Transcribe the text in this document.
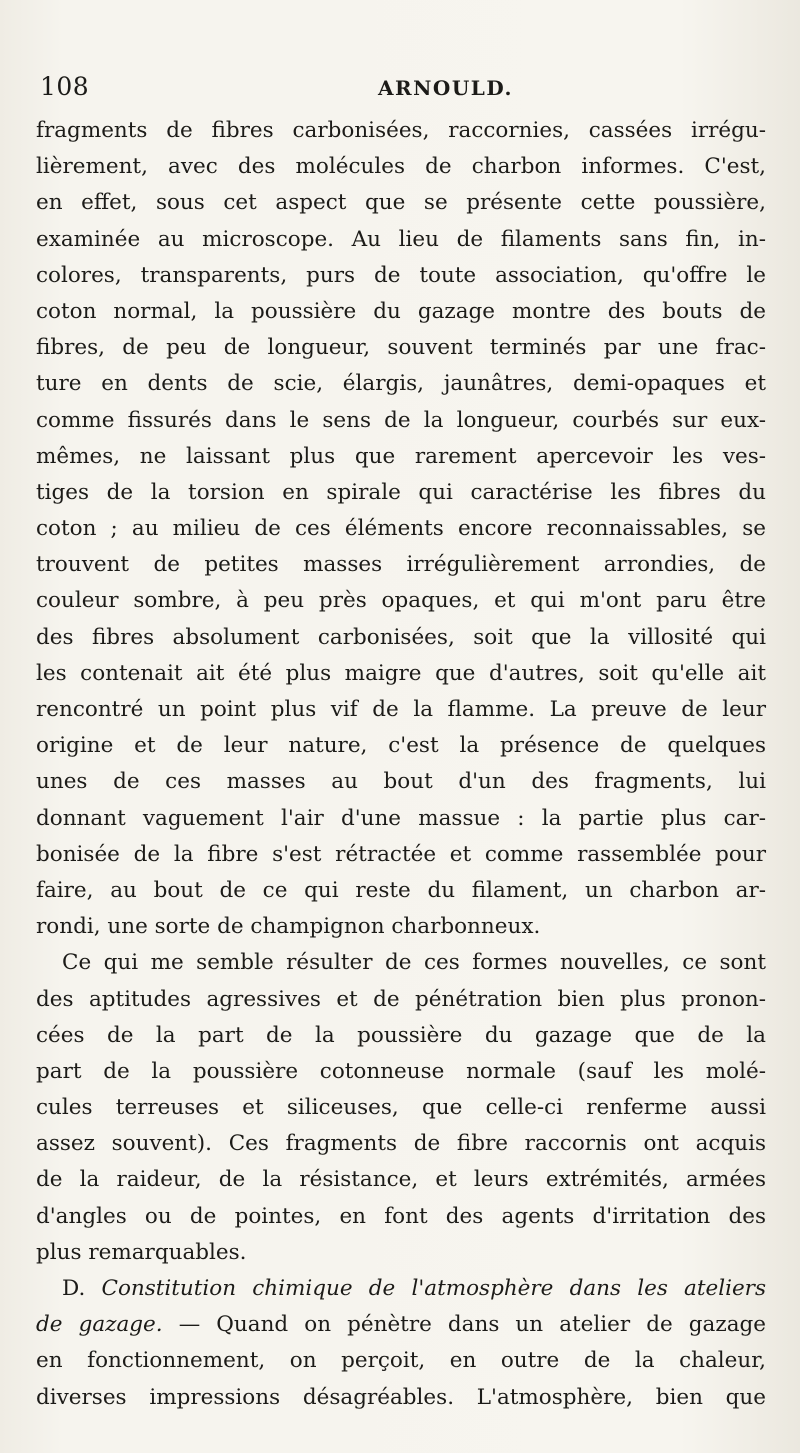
108	ARNOULD.
fragments de fibres carbonisées, raccornies, cassées irrégu-
lièrement, avec des molécules de charbon informes. C'est,
en effet, sous cet aspect que se présente cette poussière,
examinée au microscope. Au lieu de filaments sans fin, in-
colores, transparents, purs de toute association, qu'offre le
coton normal, la poussière du gazage montre des bouts de
fibres, de peu de longueur, souvent terminés par une frac-
ture en dents de scie, élargis, jaunâtres, demi-opaques et
comme fissurés dans le sens de la longueur, courbés sur eux-
mêmes, ne laissant plus que rarement apercevoir les ves-
tiges de la torsion en spirale qui caractérise les fibres du
coton ; au milieu de ces éléments encore reconnaissables, se
trouvent de petites masses irrégulièrement arrondies, de
couleur sombre, à peu près opaques, et qui m'ont paru être
des fibres absolument carbonisées, soit que la villosité qui
les contenait ait été plus maigre que d'autres, soit qu'elle ait
rencontré un point plus vif de la flamme. La preuve de leur
origine et de leur nature, c'est la présence de quelques
unes de ces masses au bout d'un des fragments, lui
donnant vaguement l'air d'une massue : la partie plus car-
bonisée de la fibre s'est rétractée et comme rassemblée pour
faire, au bout de ce qui reste du filament, un charbon ar-
rondi, une sorte de champignon charbonneux.
Ce qui me semble résulter de ces formes nouvelles, ce sont
des aptitudes agressives et de pénétration bien plus pronon-
cées de la part de la poussière du gazage que de la
part de la poussière cotonneuse normale (sauf les molé-
cules terreuses et siliceuses, que celle-ci renferme aussi
assez souvent). Ces fragments de fibre raccornis ont acquis
de la raideur, de la résistance, et leurs extrémités, armées
d'angles ou de pointes, en font des agents d'irritation des
plus remarquables.
D. Constitution chimique de l'atmosphère dans les ateliers
de gazage. — Quand on pénètre dans un atelier de gazage
en fonctionnement, on perçoit, en outre de la chaleur,
diverses impressions désagréables. L'atmosphère, bien que
